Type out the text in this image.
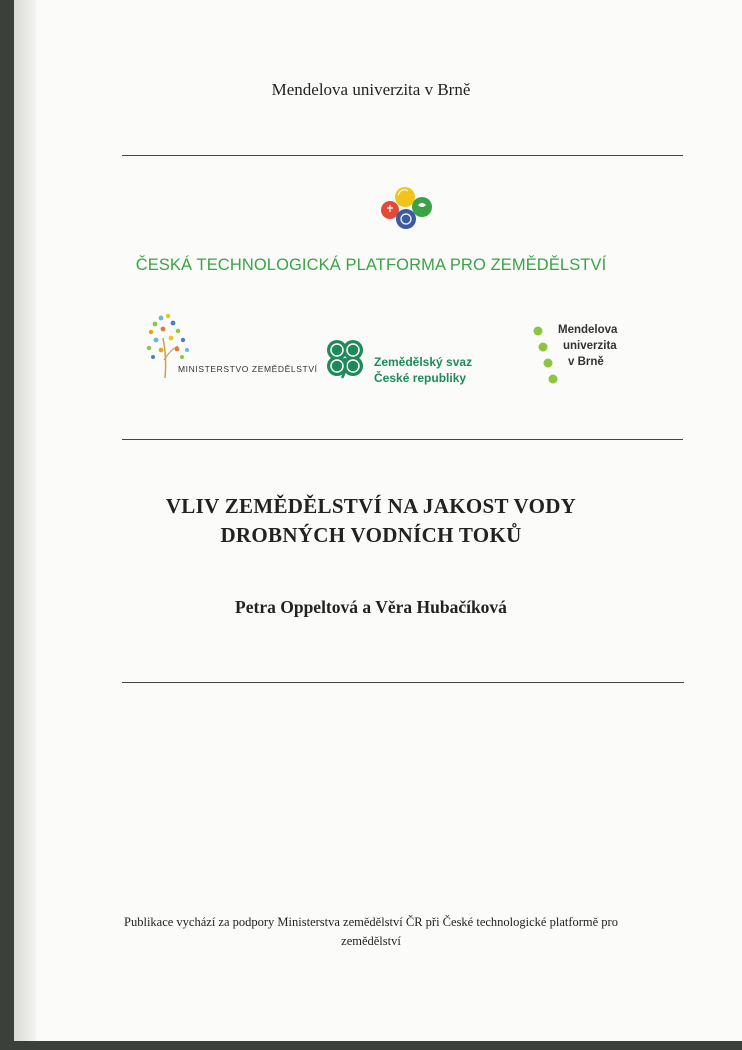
Mendelova univerzita v Brně
ČESKÁ TECHNOLOGICKÁ PLATFORMA PRO ZEMĚDĚLSTVÍ
MINISTERSTVO ZEMĚDĚLSTVÍ	Zemědělský svaz
České republiky
Mendelova
univerzita
v Brně
VLIV ZEMĚDĚLSTVÍ NA JAKOST VODY
DROBNÝCH VODNÍCH TOKŮ
Petra Oppeltová a Věra Hubačíková
Publikace vychází za podpory Ministerstva zemědělství ČR při České technologické platformě pro
zemědělství
